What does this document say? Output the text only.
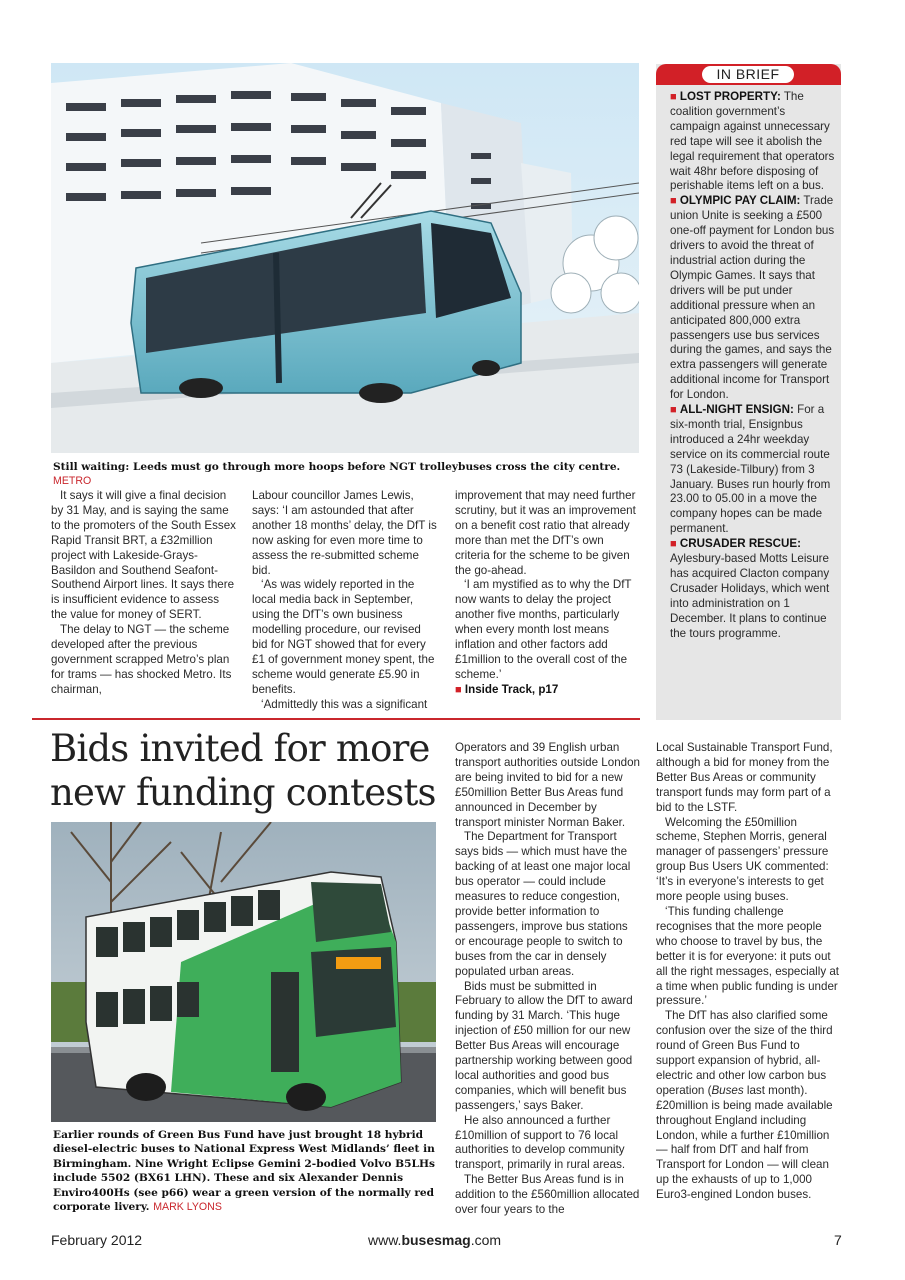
Still waiting: Leeds must go through more hoops before NGT trolleybuses cross the city centre. METRO

It says it will give a final decision by 31 May, and is saying the same to the promoters of the South Essex Rapid Transit BRT, a £32million project with Lakeside-Grays-Basildon and Southend Seafont-Southend Airport lines. It says there is insufficient evidence to assess the value for money of SERT.

The delay to NGT — the scheme developed after the previous government scrapped Metro’s plan for trams — has shocked Metro. Its chairman,

Labour councillor James Lewis, says: ‘I am astounded that after another 18 months’ delay, the DfT is now asking for even more time to assess the re-submitted scheme bid.

‘As was widely reported in the local media back in September, using the DfT’s own business modelling procedure, our revised bid for NGT showed that for every £1 of government money spent, the scheme would generate £5.90 in benefits.

‘Admittedly this was a significant

improvement that may need further scrutiny, but it was an improvement on a benefit cost ratio that already more than met the DfT’s own criteria for the scheme to be given the go-ahead.

‘I am mystified as to why the DfT now wants to delay the project another five months, particularly when every month lost means inflation and other factors add £1million to the overall cost of the scheme.’

■ Inside Track, p17

IN BRIEF

■ LOST PROPERTY: The coalition government’s campaign against unnecessary red tape will see it abolish the legal requirement that operators wait 48hr before disposing of perishable items left on a bus.

■ OLYMPIC PAY CLAIM: Trade union Unite is seeking a £500 one-off payment for London bus drivers to avoid the threat of industrial action during the Olympic Games. It says that drivers will be put under additional pressure when an anticipated 800,000 extra passengers use bus services during the games, and says the extra passengers will generate additional income for Transport for London.

■ ALL-NIGHT ENSIGN: For a six-month trial, Ensignbus introduced a 24hr weekday service on its commercial route 73 (Lakeside-Tilbury) from 3 January. Buses run hourly from 23.00 to 05.00 in a move the company hopes can be made permanent.

■ CRUSADER RESCUE: Aylesbury-based Motts Leisure has acquired Clacton company Crusader Holidays, which went into administration on 1 December. It plans to continue the tours programme.

Bids invited for more new funding contests
Earlier rounds of Green Bus Fund have just brought 18 hybrid diesel-electric buses to National Express West Midlands’ fleet in Birmingham. Nine Wright Eclipse Gemini 2-bodied Volvo B5LHs include 5502 (BX61 LHN). These and six Alexander Dennis Enviro400Hs (see p66) wear a green version of the normally red corporate livery. MARK LYONS

Operators and 39 English urban transport authorities outside London are being invited to bid for a new £50million Better Bus Areas fund announced in December by transport minister Norman Baker.

The Department for Transport says bids — which must have the backing of at least one major local bus operator — could include measures to reduce congestion, provide better information to passengers, improve bus stations or encourage people to switch to buses from the car in densely populated urban areas.

Bids must be submitted in February to allow the DfT to award funding by 31 March. ‘This huge injection of £50 million for our new Better Bus Areas will encourage partnership working between good local authorities and good bus companies, which will benefit bus passengers,’ says Baker.

He also announced a further £10million of support to 76 local authorities to develop community transport, primarily in rural areas.

The Better Bus Areas fund is in addition to the £560million allocated over four years to the

Local Sustainable Transport Fund, although a bid for money from the Better Bus Areas or community transport funds may form part of a bid to the LSTF.

Welcoming the £50million scheme, Stephen Morris, general manager of passengers’ pressure group Bus Users UK commented: ‘It’s in everyone’s interests to get more people using buses.

‘This funding challenge recognises that the more people who choose to travel by bus, the better it is for everyone: it puts out all the right messages, especially at a time when public funding is under pressure.’

The DfT has also clarified some confusion over the size of the third round of Green Bus Fund to support expansion of hybrid, all-electric and other low carbon bus operation (Buses last month). £20million is being made available throughout England including London, while a further £10million — half from DfT and half from Transport for London — will clean up the exhausts of up to 1,000 Euro3-engined London buses.

February 2012	www.busesmag.com	7
